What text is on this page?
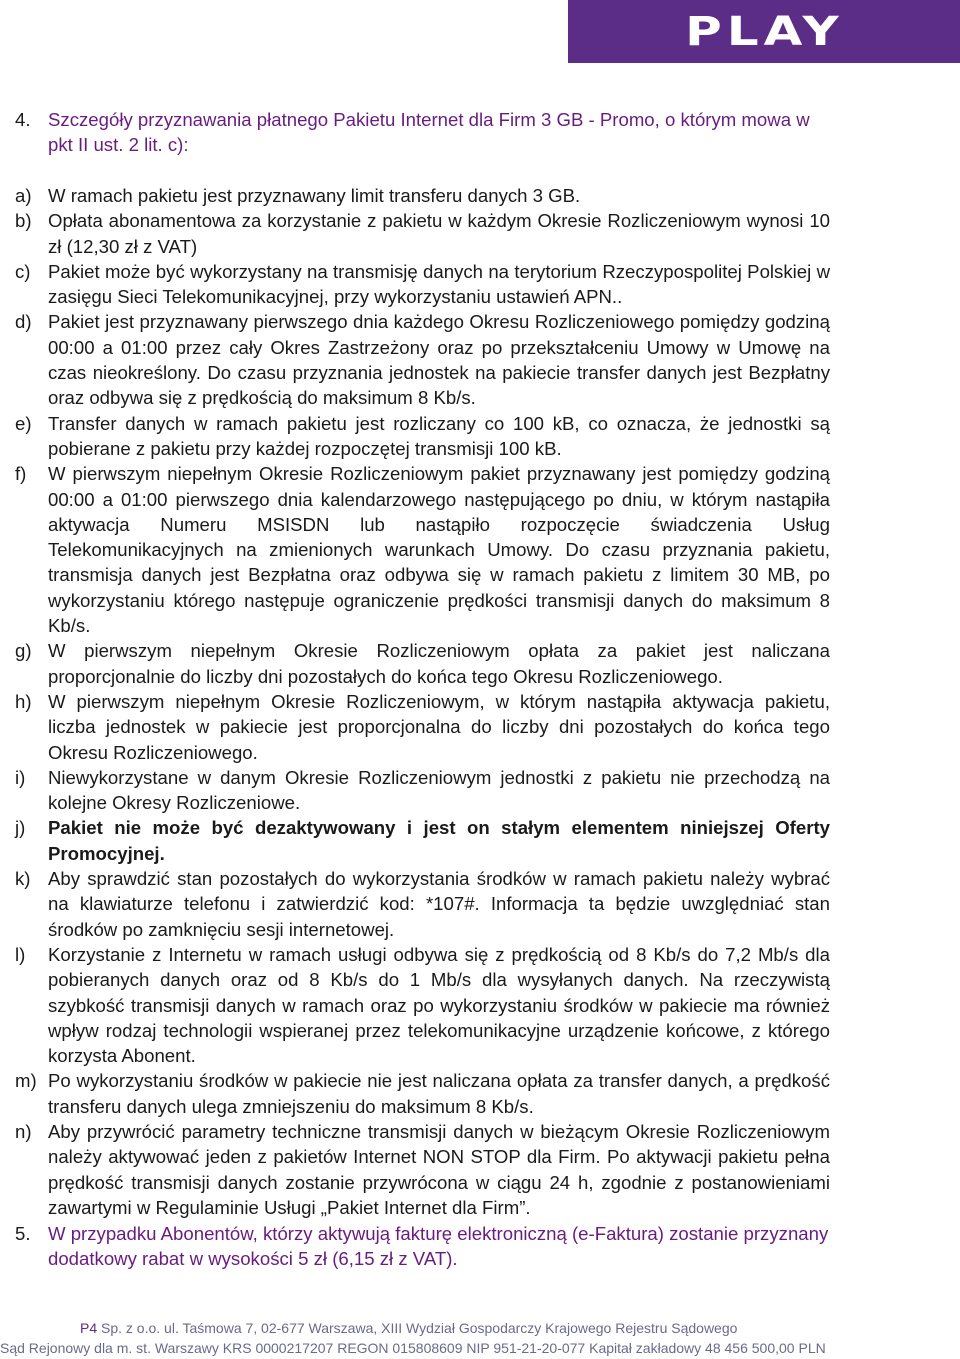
PLAY
4. Szczegóły przyznawania płatnego Pakietu Internet dla Firm 3 GB - Promo, o którym mowa w pkt II ust. 2 lit. c):
a) W ramach pakietu jest przyznawany limit transferu danych 3 GB.
b) Opłata abonamentowa za korzystanie z pakietu w każdym Okresie Rozliczeniowym wynosi 10 zł (12,30 zł z VAT)
c) Pakiet może być wykorzystany na transmisję danych na terytorium Rzeczypospolitej Polskiej w zasięgu Sieci Telekomunikacyjnej, przy wykorzystaniu ustawień APN..
d) Pakiet jest przyznawany pierwszego dnia każdego Okresu Rozliczeniowego pomiędzy godziną 00:00 a 01:00 przez cały Okres Zastrzeżony oraz po przekształceniu Umowy w Umowę na czas nieokreślony. Do czasu przyznania jednostek na pakiecie transfer danych jest Bezpłatny oraz odbywa się z prędkością do maksimum 8 Kb/s.
e) Transfer danych w ramach pakietu jest rozliczany co 100 kB, co oznacza, że jednostki są pobierane z pakietu przy każdej rozpoczętej transmisji 100 kB.
f) W pierwszym niepełnym Okresie Rozliczeniowym pakiet przyznawany jest pomiędzy godziną 00:00 a 01:00 pierwszego dnia kalendarzowego następującego po dniu, w którym nastąpiła aktywacja Numeru MSISDN lub nastąpiło rozpoczęcie świadczenia Usług Telekomunikacyjnych na zmienionych warunkach Umowy. Do czasu przyznania pakietu, transmisja danych jest Bezpłatna oraz odbywa się w ramach pakietu z limitem 30 MB, po wykorzystaniu którego następuje ograniczenie prędkości transmisji danych do maksimum 8 Kb/s.
g) W pierwszym niepełnym Okresie Rozliczeniowym opłata za pakiet jest naliczana proporcjonalnie do liczby dni pozostałych do końca tego Okresu Rozliczeniowego.
h) W pierwszym niepełnym Okresie Rozliczeniowym, w którym nastąpiła aktywacja pakietu, liczba jednostek w pakiecie jest proporcjonalna do liczby dni pozostałych do końca tego Okresu Rozliczeniowego.
i) Niewykorzystane w danym Okresie Rozliczeniowym jednostki z pakietu nie przechodzą na kolejne Okresy Rozliczeniowe.
j) Pakiet nie może być dezaktywowany i jest on stałym elementem niniejszej Oferty Promocyjnej.
k) Aby sprawdzić stan pozostałych do wykorzystania środków w ramach pakietu należy wybrać na klawiaturze telefonu i zatwierdzić kod: *107#. Informacja ta będzie uwzględniać stan środków po zamknięciu sesji internetowej.
l) Korzystanie z Internetu w ramach usługi odbywa się z prędkością od 8 Kb/s do 7,2 Mb/s dla pobieranych danych oraz od 8 Kb/s do 1 Mb/s dla wysyłanych danych. Na rzeczywistą szybkość transmisji danych w ramach oraz po wykorzystaniu środków w pakiecie ma również wpływ rodzaj technologii wspieranej przez telekomunikacyjne urządzenie końcowe, z którego korzysta Abonent.
m) Po wykorzystaniu środków w pakiecie nie jest naliczana opłata za transfer danych, a prędkość transferu danych ulega zmniejszeniu do maksimum 8 Kb/s.
n) Aby przywrócić parametry techniczne transmisji danych w bieżącym Okresie Rozliczeniowym należy aktywować jeden z pakietów Internet NON STOP dla Firm. Po aktywacji pakietu pełna prędkość transmisji danych zostanie przywrócona w ciągu 24 h, zgodnie z postanowieniami zawartymi w Regulaminie Usługi „Pakiet Internet dla Firm”.
5. W przypadku Abonentów, którzy aktywują fakturę elektroniczną (e-Faktura) zostanie przyznany dodatkowy rabat w wysokości 5 zł (6,15 zł z VAT).
P4 Sp. z o.o. ul. Taśmowa 7, 02-677 Warszawa, XIII Wydział Gospodarczy Krajowego Rejestru Sądowego
Sąd Rejonowy dla m. st. Warszawy KRS 0000217207 REGON 015808609 NIP 951-21-20-077 Kapitał zakładowy 48 456 500,00 PLN
